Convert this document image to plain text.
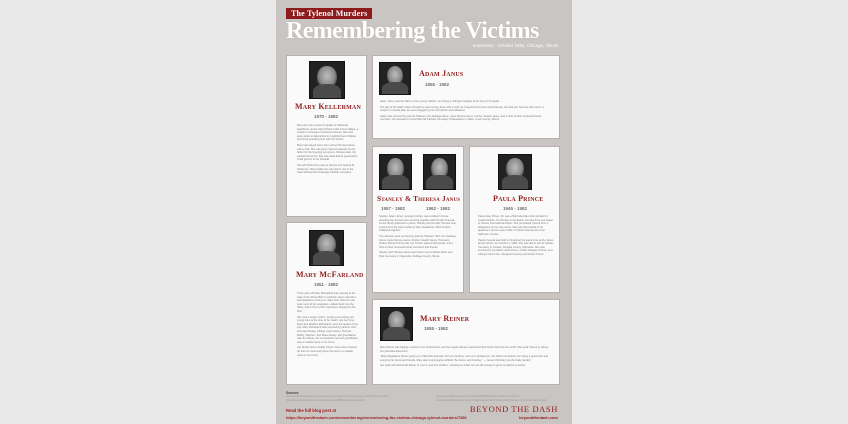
The Tylenol Murders
Remembering the Victims
September - October 1982, Chicago, Illinois
Mary Kellerman
1970 - 1982

Mary Ann was a seventh grader at Nathaniel Hawthorne Junior High School in Elk Grove Village, a suburb in Chicago's northwest suburbs. She was quite active in babysitting for neighborhood children and loved spending time with her friends.

Mary had stayed home from school the day before with a cold. She was given Tylenol capsules by her father for the lingering symptoms. Minutes later, her parents found her. She was dead before paramedics could get her to the hospital.

She left behind her parents Dennis and Jeanna M. Kellerman. Mary Kellerman was laid to rest in the Saint Michael the Archangel Catholic Cemetery.

Adam Janus
1955 - 1982

Adam Janus was the father of two young children, and living in Arlington Heights at the time of his death.

The day of his death, Adam thought he was coming down with a cold. He stopped home from work that day. He took two Tylenols after lunch. A couple of minutes later he came staggering into the kitchen and collapsed.

Adam was survived by parents Tadeusz and Jadwiga Janus, niece Monica Janus, brother Joseph Janus, and a host of other bereaved family members. He was laid to rest at Maryhill Catholic Cemetery & Mausoleum in Niles, Cook County, Illinois.

Stanley & Theresa Janus
1957 - 1982	1962 - 1982

Stanley, Adam Janus' younger brother, was at Adam's house attending the funeral and mourning together with his wife Theresa. As the family gathered to grieve, Stanley and his wife Theresa took Tylenol from the same bottle for their headaches. Both of them collapsed together.

The Januses were survived by parents Tadeusz "Ted" and Jadwiga Janus, niece Monica Janus, brother Joseph Janus, Theresa's brother Robert Pietrzynski, her mother Helena Pietrzynski, and a host of other bereaved family members and friends.

Stanley and Theresa Janus were laid to rest at Saints Peter and Paul Cemetery in Naperville, DuPage County, Illinois.

Paula Prince
1946 - 1982

Paula Jean Prince, 35, was a flight attendant who worked for United Airlines. On the day of her death, she flew from Las Vegas to O'Hare International Airport. She purchased Tylenol from a Walgreens on her way home. She was found dead in her apartment, and an open bottle of Tylenol was found on her bathroom counter.

Paula's funeral was held in Omaha at the same time as the Janus family victims, on October 4, 1982. She was laid to rest at Calvary Cemetery in Omaha, Douglas County, Nebraska. She was survived by her father Lloyd Prince, mother Margaret Prince, and siblings Carol Luke, Margaret Conway and Robert Prince.

Mary McFarland
1951 - 1982

Thirty-year-old Mary McFarland was working at the Jake at the Illinois Bell in Lombard, where she felt a bad headache coming on. Mary took Tylenol in the back room of her workplace, walked back into the office, and in front of her coworkers, dropped to the floor.

She was a single mother, working and raising two young sons at the time of her death. Her two boys Ryan and Maddox McFarland, were the apples of her eye. Mary McFarland was survived by parents John and Jane Deasy, siblings Janis Nancy, Thomas, Bobby, Stephen, and Diane Deasy. Her grandfather was Jim Deasy, her ex-husband, and her grandfather was a notable name in her home.

Her family had a notable tribute: there was a chance for them to meet and grieve this loss in a notable name in her home.

Mary Reiner
1955 - 1982

Mary Reiner was happily married to her husband Ed, and the couple had just welcomed their fourth child into the world. She used Tylenol to relieve her postnatal discomfort.

"Mary Magdalene Reiner grew up in Villa Park and was 'a bit of a tomboy,' and 'very wholesome,' her father remembers her being a good cook and enjoying her family and friends. Mary also loved playing softball, the drums, and bowling." — James Oshinsky (via the Daily Herald)

Her death left behind Ed Reiner to mourn, and four children, including an infant not yet old enough to grow up without a mother.

Sources
https://www.chicagotribune.com/news/ct-met-tylenol-murders-victims-20171004-story.html
https://www.findagrave.com/virtual-cemetery/68854/memorial-search
https://www.dailyherald.com/news/20190928/tylenol-murders-the-victims
https://www.chicagomag.com/Chicago-Magazine/October-2012/Chicago-Tylenol-Murders-Victims
Read the full blog post at
https://beyondthedash.com/remembering/remembering-the-victims-chicago-tylenol-murders/7380
BEYOND THE DASH
beyondthedash.com
